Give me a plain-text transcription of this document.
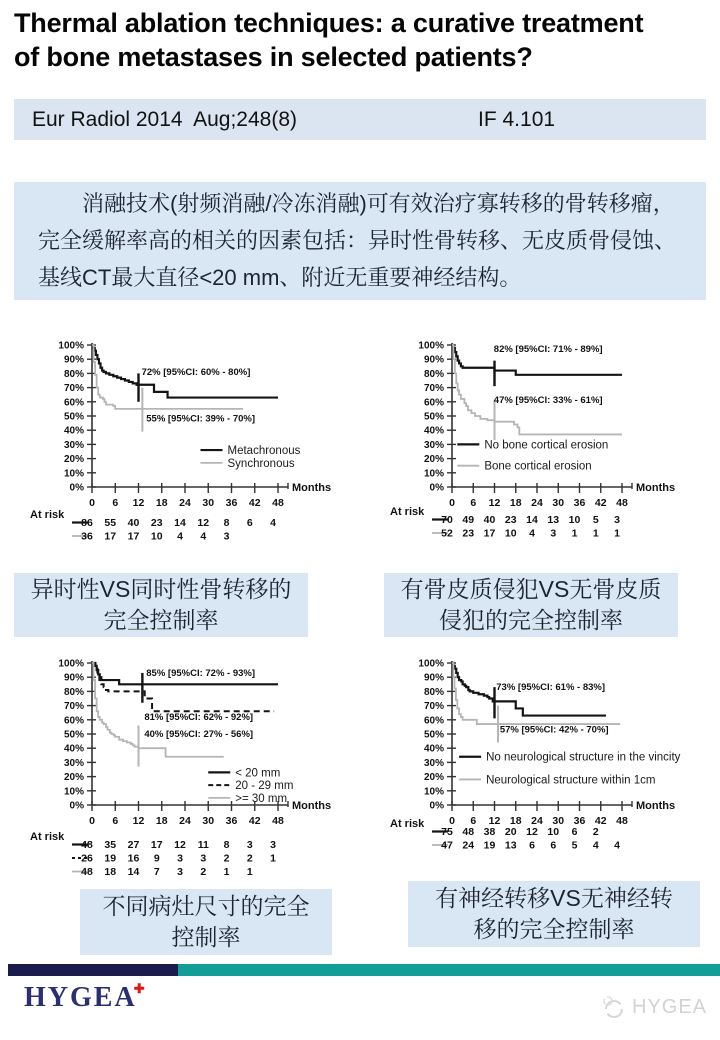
Thermal ablation techniques: a curative treatment
of bone metastases in selected patients?
Eur Radiol 2014  Aug;248(8)	IF 4.101
消融技术(射频消融/冷冻消融)可有效治疗寡转移的骨转移瘤，完全缓解率高的相关的因素包括：异时性骨转移、无皮质骨侵蚀、基线CT最大直径<20 mm、附近无重要神经结构。
0%
10%
20%
30%
40%
50%
60%
70%
80%
90%
100%
0 6 12 18 24 30 36 42 48
Months
72% [95%CI: 60% - 80%]
55% [95%CI: 39% - 70%]
Metachronous
Synchronous
At risk
86 55 40 23 14 12 8 6 4
36 17 17 10 4 4 3
0%
10%
20%
30%
40%
50%
60%
70%
80%
90%
100%
0 6 12 18 24 30 36 42 48
Months
82% [95%CI: 71% - 89%]
47% [95%CI: 33% - 61%]
No bone cortical erosion
Bone cortical erosion
At risk
70 49 40 23 14 13 10 5 3
52 23 17 10 4 3 1 1 1
0%
10%
20%
30%
40%
50%
60%
70%
80%
90%
100%
0 6 12 18 24 30 36 42 48
Months
85% [95%CI: 72% - 93%]
81% [95%CI: 62% - 92%]
40% [95%CI: 27% - 56%]
< 20 mm
20 - 29 mm
>= 30 mm
At risk
48 35 27 17 12 11 8 3 3
26 19 16 9 3 3 2 2 1
48 18 14 7 3 2 1 1
0%
10%
20%
30%
40%
50%
60%
70%
80%
90%
100%
0 6 12 18 24 30 36 42 48
Months
73% [95%CI: 61% - 83%]
57% [95%CI: 42% - 70%]
No neurological structure in the vincity
Neurological structure within 1cm
At risk
75 48 38 20 12 10 6 2
47 24 19 13 6 6 5 4 4
异时性VS同时性骨转移的完全控制率
有骨皮质侵犯VS无骨皮质侵犯的完全控制率
不同病灶尺寸的完全控制率
有神经转移VS无神经转移的完全控制率
HYGEA✚
HYGEA
